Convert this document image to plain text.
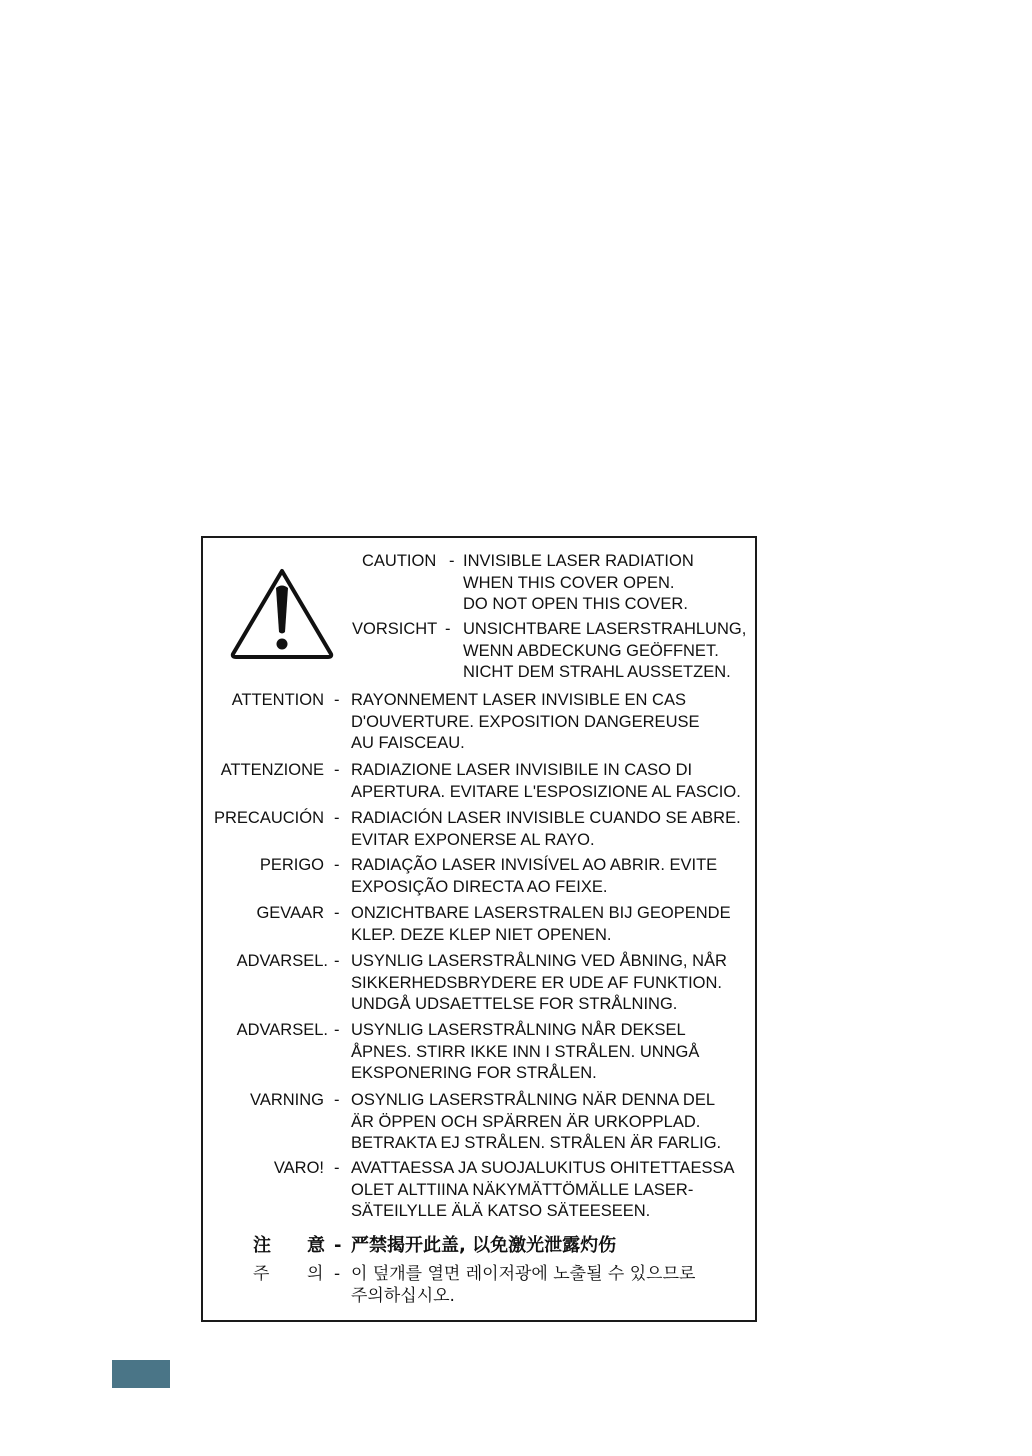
CAUTION - INVISIBLE LASER RADIATION
WHEN THIS COVER OPEN.
DO NOT OPEN THIS COVER.
VORSICHT - UNSICHTBARE LASERSTRAHLUNG,
WENN ABDECKUNG GEÖFFNET.
NICHT DEM STRAHL AUSSETZEN.
ATTENTION - RAYONNEMENT LASER INVISIBLE EN CAS
D'OUVERTURE. EXPOSITION DANGEREUSE
AU FAISCEAU.
ATTENZIONE - RADIAZIONE LASER INVISIBILE IN CASO DI
APERTURA. EVITARE L'ESPOSIZIONE AL FASCIO.
PRECAUCIÓN - RADIACIÓN LASER INVISIBLE CUANDO SE ABRE.
EVITAR EXPONERSE AL RAYO.
PERIGO - RADIAÇÃO LASER INVISÍVEL AO ABRIR. EVITE
EXPOSIÇÃO DIRECTA AO FEIXE.
GEVAAR - ONZICHTBARE LASERSTRALEN BIJ GEOPENDE
KLEP. DEZE KLEP NIET OPENEN.
ADVARSEL. - USYNLIG LASERSTRÅLNING VED ÅBNING, NÅR
SIKKERHEDSBRYDERE ER UDE AF FUNKTION.
UNDGÅ UDSAETTELSE FOR STRÅLNING.
ADVARSEL. - USYNLIG LASERSTRÅLNING NÅR DEKSEL
ÅPNES. STIRR IKKE INN I STRÅLEN. UNNGÅ
EKSPONERING FOR STRÅLEN.
VARNING - OSYNLIG LASERSTRÅLNING NÄR DENNA DEL
ÄR ÖPPEN OCH SPÄRREN ÄR URKOPPLAD.
BETRAKTA EJ STRÅLEN. STRÅLEN ÄR FARLIG.
VARO! - AVATTAESSA JA SUOJALUKITUS OHITETTAESSA
OLET ALTTIINA NÄKYMÄTTÖMÄLLE LASER-
SÄTEILYLLE ÄLÄ KATSO SÄTEESEEN.
注 意 - 严禁揭开此盖, 以免激光泄露灼伤
주 의 - 이 덮개를 열면 레이저광에 노출될 수 있으므로
주의하십시오.
